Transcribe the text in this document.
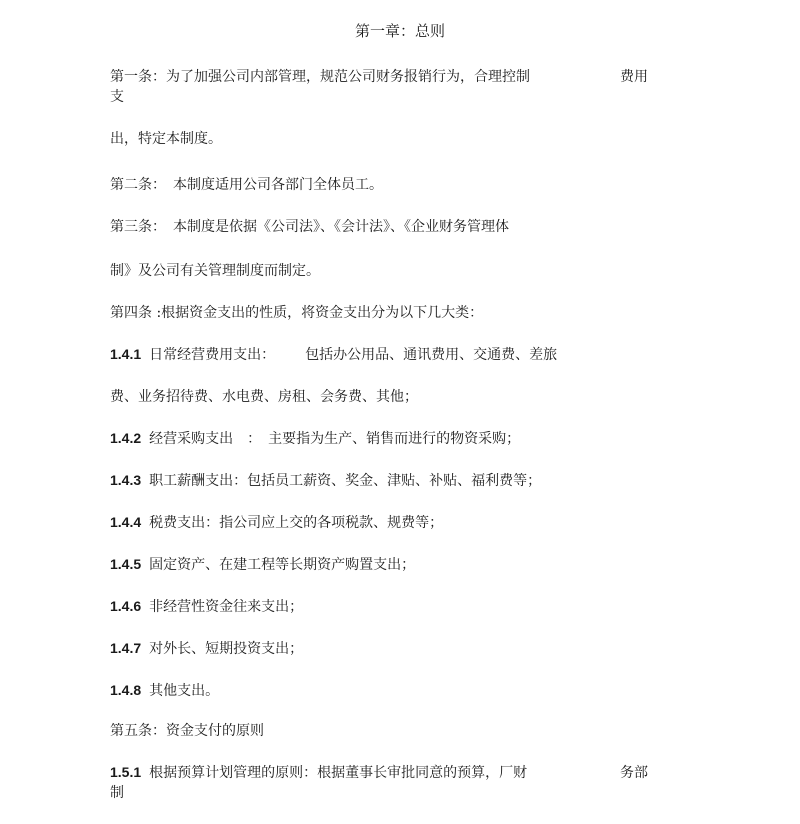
第一章：总则
第一条：为了加强公司内部管理，规范公司财务报销行为，合理控制	费用
支
出，特定本制度。
第二条：　本制度适用公司各部门全体员工。
第三条：　本制度是依据《公司法》、《会计法》、《企业财务管理体
制》及公司有关管理制度而制定。
第四条 :根据资金支出的性质，将资金支出分为以下几大类：
1.4.1 日常经营费用支出： 包括办公用品、通讯费用、交通费、差旅
费、业务招待费、水电费、房租、会务费、其他；
1.4.2 经营采购支出　：　主要指为生产、销售而进行的物资采购；
1.4.3 职工薪酬支出：包括员工薪资、奖金、津贴、补贴、福利费等；
1.4.4 税费支出：指公司应上交的各项税款、规费等；
1.4.5 固定资产、在建工程等长期资产购置支出；
1.4.6 非经营性资金往来支出；
1.4.7 对外长、短期投资支出；
1.4.8 其他支出。
第五条：资金支付的原则
1.5.1 根据预算计划管理的原则：根据董事长审批同意的预算，厂财	务部
制
